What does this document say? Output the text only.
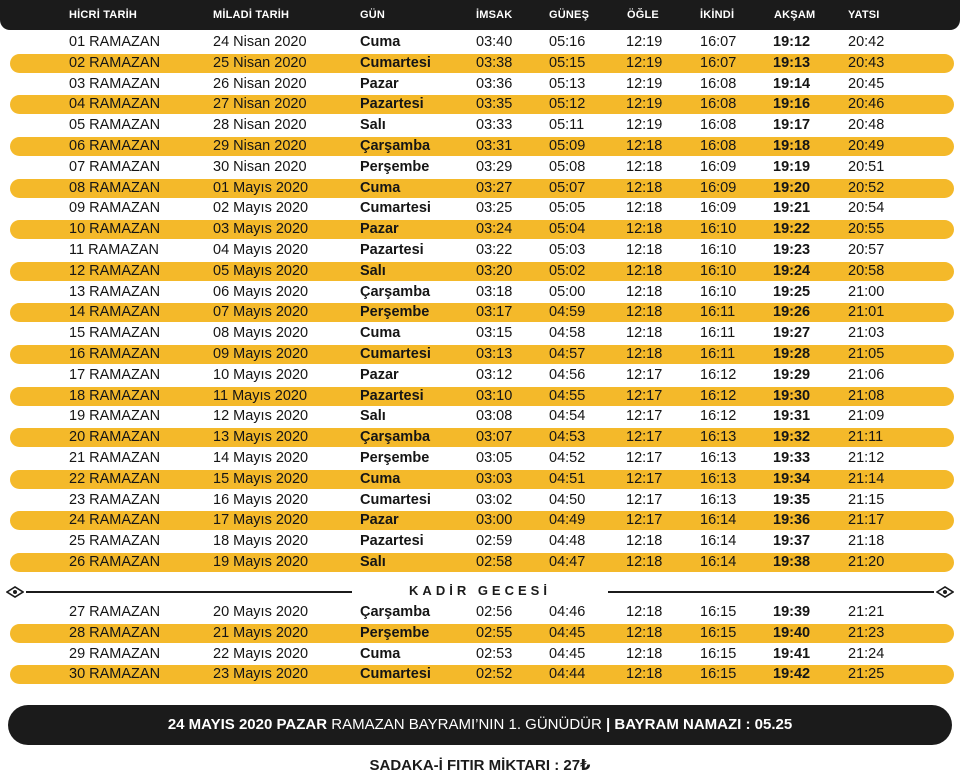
HİCRİ TARİH	MİLADİ TARİH	GÜN	İMSAK	GÜNEŞ	ÖĞLE	İKİNDİ	AKŞAM	YATSI
01 RAMAZAN	24 Nisan 2020	Cuma	03:40	05:16	12:19	16:07	19:12	20:42
02 RAMAZAN	25 Nisan 2020	Cumartesi	03:38	05:15	12:19	16:07	19:13	20:43
03 RAMAZAN	26 Nisan 2020	Pazar	03:36	05:13	12:19	16:08	19:14	20:45
04 RAMAZAN	27 Nisan 2020	Pazartesi	03:35	05:12	12:19	16:08	19:16	20:46
05 RAMAZAN	28 Nisan 2020	Salı	03:33	05:11	12:19	16:08	19:17	20:48
06 RAMAZAN	29 Nisan 2020	Çarşamba	03:31	05:09	12:18	16:08	19:18	20:49
07 RAMAZAN	30 Nisan 2020	Perşembe	03:29	05:08	12:18	16:09	19:19	20:51
08 RAMAZAN	01 Mayıs 2020	Cuma	03:27	05:07	12:18	16:09	19:20	20:52
09 RAMAZAN	02 Mayıs 2020	Cumartesi	03:25	05:05	12:18	16:09	19:21	20:54
10 RAMAZAN	03 Mayıs 2020	Pazar	03:24	05:04	12:18	16:10	19:22	20:55
11 RAMAZAN	04 Mayıs 2020	Pazartesi	03:22	05:03	12:18	16:10	19:23	20:57
12 RAMAZAN	05 Mayıs 2020	Salı	03:20	05:02	12:18	16:10	19:24	20:58
13 RAMAZAN	06 Mayıs 2020	Çarşamba	03:18	05:00	12:18	16:10	19:25	21:00
14 RAMAZAN	07 Mayıs 2020	Perşembe	03:17	04:59	12:18	16:11	19:26	21:01
15 RAMAZAN	08 Mayıs 2020	Cuma	03:15	04:58	12:18	16:11	19:27	21:03
16 RAMAZAN	09 Mayıs 2020	Cumartesi	03:13	04:57	12:18	16:11	19:28	21:05
17 RAMAZAN	10 Mayıs 2020	Pazar	03:12	04:56	12:17	16:12	19:29	21:06
18 RAMAZAN	11 Mayıs 2020	Pazartesi	03:10	04:55	12:17	16:12	19:30	21:08
19 RAMAZAN	12 Mayıs 2020	Salı	03:08	04:54	12:17	16:12	19:31	21:09
20 RAMAZAN	13 Mayıs 2020	Çarşamba	03:07	04:53	12:17	16:13	19:32	21:11
21 RAMAZAN	14 Mayıs 2020	Perşembe	03:05	04:52	12:17	16:13	19:33	21:12
22 RAMAZAN	15 Mayıs 2020	Cuma	03:03	04:51	12:17	16:13	19:34	21:14
23 RAMAZAN	16 Mayıs 2020	Cumartesi	03:02	04:50	12:17	16:13	19:35	21:15
24 RAMAZAN	17 Mayıs 2020	Pazar	03:00	04:49	12:17	16:14	19:36	21:17
25 RAMAZAN	18 Mayıs 2020	Pazartesi	02:59	04:48	12:18	16:14	19:37	21:18
26 RAMAZAN	19 Mayıs 2020	Salı	02:58	04:47	12:18	16:14	19:38	21:20
27 RAMAZAN	20 Mayıs 2020	Çarşamba	02:56	04:46	12:18	16:15	19:39	21:21
28 RAMAZAN	21 Mayıs 2020	Perşembe	02:55	04:45	12:18	16:15	19:40	21:23
29 RAMAZAN	22 Mayıs 2020	Cuma	02:53	04:45	12:18	16:15	19:41	21:24
30 RAMAZAN	23 Mayıs 2020	Cumartesi	02:52	04:44	12:18	16:15	19:42	21:25
KADİR GECESİ
24 MAYIS 2020 PAZAR RAMAZAN BAYRAMI’NIN 1. GÜNÜDÜR | BAYRAM NAMAZI : 05.25
SADAKA-İ FITIR MİKTARI : 27₺
